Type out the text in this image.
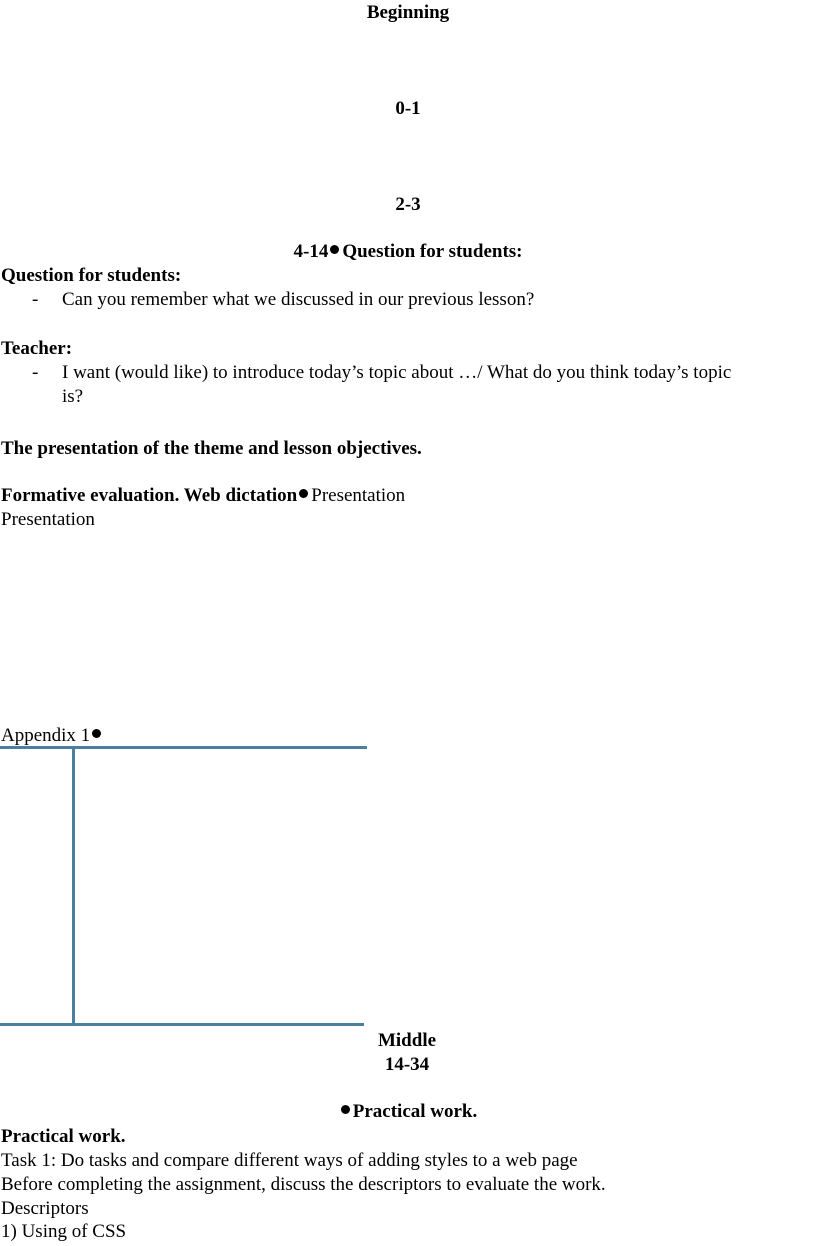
Beginning
0-1
2-3
4-14 Question for students:
Question for students:
- Can you remember what we discussed in our previous lesson?
Teacher:
- I want (would like) to introduce today’s topic about …/ What do you think today’s topic
is?
The presentation of the theme and lesson objectives.
Formative evaluation. Web dictation Presentation
Presentation
Appendix 1
Middle
14-34
Practical work.
Practical work.
Task 1: Do tasks and compare different ways of adding styles to a web page
Before completing the assignment, discuss the descriptors to evaluate the work.
Descriptors
1) Using of CSS
